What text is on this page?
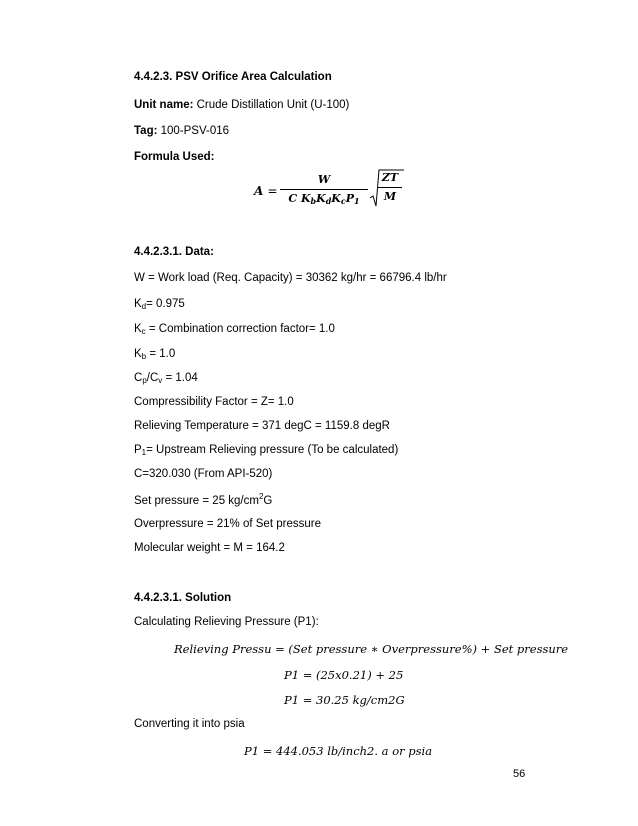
4.4.2.3. PSV Orifice Area Calculation
Unit name: Crude Distillation Unit (U-100)
Tag: 100-PSV-016
Formula Used:
A =
W
C $K_bK_dK_cP_1$
ZT
M
4.4.2.3.1. Data:
W = Work load (Req. Capacity) = 30362 kg/hr = 66796.4 lb/hr
$K_d= 0.975$
$K_c$ = Combination correction factor= 1.0
$K_b = 1.0$
$C_p/C_v = 1.04$
Compressibility Factor = Z= 1.0
Relieving Temperature = 371 degC = 1159.8 degR
$P_1=$ Upstream Relieving pressure (To be calculated)
C=320.030 (From API-520)
Set pressure = 25 $kg/cm^2G$
Overpressure = 21% of Set pressure
Molecular weight = M = 164.2
4.4.2.3.1. Solution
Calculating Relieving Pressure (P1):
Relieving Pressu = (Set pressure ∗ Overpressure%) + Set pressure
P1 = (25x0.21) + 25
P1 = 30.25 kg/cm2G
Converting it into psia
P1 = 444.053 lb/inch2. a or psia
56
